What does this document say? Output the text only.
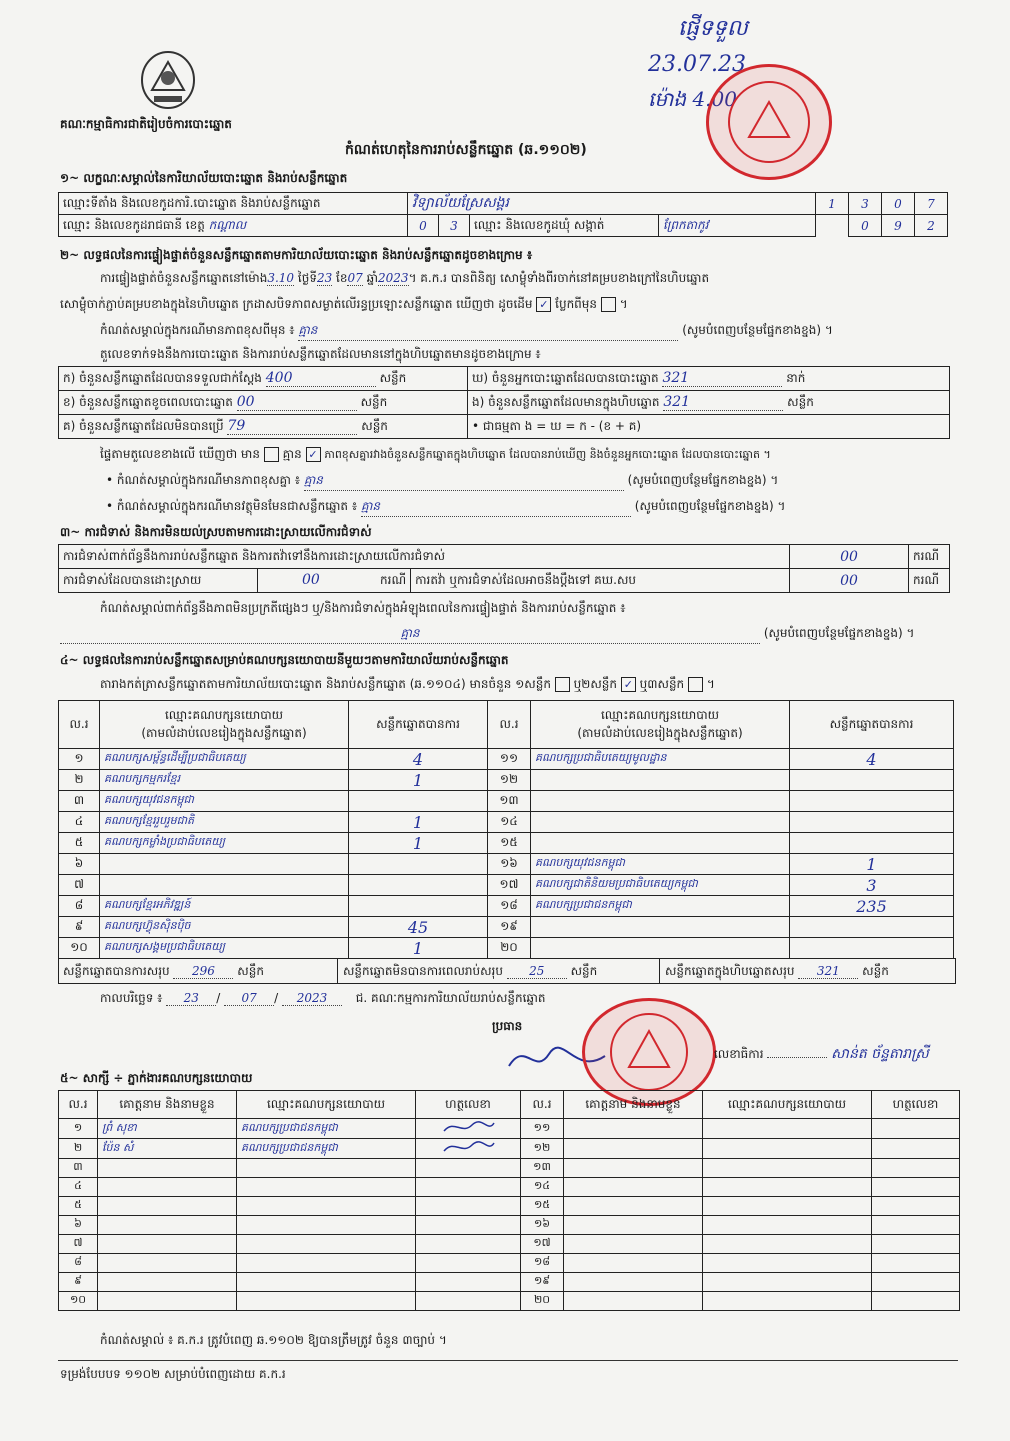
គណៈកម្មាធិការជាតិរៀបចំការបោះឆ្នោត
កំណត់ហេតុនៃការរាប់សន្លឹកឆ្នោត (ឆ.១១០២)
ផ្ញើទទួល
23.07.23
ម៉ោង 4.00
១~ លក្ខណៈសម្គាល់នៃការិយាល័យបោះឆ្នោត និងរាប់សន្លឹកឆ្នោត
ឈ្មោះទីតាំង និងលេខកូដការិ.បោះឆ្នោត និងរាប់សន្លឹកឆ្នោត	វិទ្យាល័យស្រែសង្គរ				1	3	0	7
ឈ្មោះ និងលេខកូដរាជធានី ខេត្ត កណ្ដាល	0	3	ឈ្មោះ និងលេខកូដឃុំ សង្កាត់	ព្រែកតាកូវ		0	9	2
២~ លទ្ធផលនៃការផ្ទៀងផ្ទាត់ចំនួនសន្លឹកឆ្នោតតាមការិយាល័យបោះឆ្នោត និងរាប់សន្លឹកឆ្នោតដូចខាងក្រោម ៖
ការផ្ទៀងផ្ទាត់ចំនួនសន្លឹកឆ្នោតនៅម៉ោង3.10 ថ្ងៃទី23 ខែ07 ឆ្នាំ2023។ គ.ក.រ បានពិនិត្យ សោម៉្លុំទាំងពីរចាក់នៅគម្របខាងក្រៅនៃហិបឆ្នោត
សោម៉្លុំចាក់ភ្ជាប់គម្របខាងក្នុងនៃហិបឆ្នោត ក្រដាសបិទភាពសម្ងាត់លើរន្ធប្រឡោះសន្លឹកឆ្នោត ឃើញថា ដូចដើម ✓ ប្លែកពីមុន  ។
កំណត់សម្គាល់ក្នុងករណីមានភាពខុសពីមុន ៖ គ្មាន	(សូមបំពេញបន្ថែមផ្នែកខាងខ្នង) ។
តួលេខទាក់ទងនឹងការបោះឆ្នោត និងការរាប់សន្លឹកឆ្នោតដែលមាននៅក្នុងហិបឆ្នោតមានដូចខាងក្រោម ៖
ក) ចំនួនសន្លឹកឆ្នោតដែលបានទទួលជាក់ស្ដែង 400 សន្លឹក	ឃ) ចំនួនអ្នកបោះឆ្នោតដែលបានបោះឆ្នោត 321 នាក់
ខ) ចំនួនសន្លឹកឆ្នោតខូចពេលបោះឆ្នោត 00 សន្លឹក	ង) ចំនួនសន្លឹកឆ្នោតដែលមានក្នុងហិបឆ្នោត 321 សន្លឹក
គ) ចំនួនសន្លឹកឆ្នោតដែលមិនបានប្រើ 79 សន្លឹក	• ជាធម្មតា ង = ឃ = ក - (ខ + គ)
ផ្ទៃតាមតួលេខខាងលើ ឃើញថា មាន គ្មាន ✓ ភាពខុសគ្នារវាងចំនួនសន្លឹកឆ្នោតក្នុងហិបឆ្នោត ដែលបានរាប់ឃើញ និងចំនួនអ្នកបោះឆ្នោត ដែលបានបោះឆ្នោត ។
• កំណត់សម្គាល់ក្នុងករណីមានភាពខុសគ្នា ៖ គ្មាន	(សូមបំពេញបន្ថែមផ្នែកខាងខ្នង) ។
• កំណត់សម្គាល់ក្នុងករណីមានវត្ថុមិនមែនជាសន្លឹកឆ្នោត ៖ គ្មាន	(សូមបំពេញបន្ថែមផ្នែកខាងខ្នង) ។
៣~ ការជំទាស់ និងការមិនយល់ស្របតាមការដោះស្រាយលើការជំទាស់
ការជំទាស់ពាក់ព័ន្ធនឹងការរាប់សន្លឹកឆ្នោត និងការតវ៉ាទៅនឹងការដោះស្រាយលើការជំទាស់			00	ករណី
ការជំទាស់ដែលបានដោះស្រាយ	00 ករណី	ការតវ៉ា ឬការជំទាស់ដែលអាចនឹងប្ដឹងទៅ គឃ.សប	00	ករណី
កំណត់សម្គាល់ពាក់ព័ន្ធនឹងភាពមិនប្រក្រតីផ្សេងៗ ឬ/និងការជំទាស់ក្នុងអំឡុងពេលនៃការផ្ទៀងផ្ទាត់ និងការរាប់សន្លឹកឆ្នោត ៖
គ្មាន	(សូមបំពេញបន្ថែមផ្នែកខាងខ្នង) ។
៤~ លទ្ធផលនៃការរាប់សន្លឹកឆ្នោតសម្រាប់គណបក្សនយោបាយនីមួយៗតាមការិយាល័យរាប់សន្លឹកឆ្នោត
តារាងកត់ត្រាសន្លឹកឆ្នោតតាមការិយាល័យបោះឆ្នោត និងរាប់សន្លឹកឆ្នោត (ឆ.១១០៤) មានចំនួន ១សន្លឹក ឬ២សន្លឹក ✓ ឬ៣សន្លឹក  ។
ល.រ	ឈ្មោះគណបក្សនយោបាយ
(តាមលំដាប់លេខរៀងក្នុងសន្លឹកឆ្នោត)	សន្លឹកឆ្នោតបានការ	ល.រ	ឈ្មោះគណបក្សនយោបាយ
(តាមលំដាប់លេខរៀងក្នុងសន្លឹកឆ្នោត)	សន្លឹកឆ្នោតបានការ
១	គណបក្សសម្ព័ន្ធដើម្បីប្រជាធិបតេយ្យ	4	១១	គណបក្សប្រជាធិបតេយ្យមូលដ្ឋាន	4
២	គណបក្សកម្មករខ្មែរ	1	១២		
៣	គណបក្សយុវជនកម្ពុជា		១៣		
៤	គណបក្សខ្មែររួបរួមជាតិ	1	១៤		
៥	គណបក្សកម្លាំងប្រជាធិបតេយ្យ	1	១៥		
៦			១៦	គណបក្សយុវជនកម្ពុជា	1
៧			១៧	គណបក្សជាតិនិយមប្រជាធិបតេយ្យកម្ពុជា	3
៨	គណបក្សខ្មែរអភិវឌ្ឍន៍		១៨	គណបក្សប្រជាជនកម្ពុជា	235
៩	គណបក្សហ៊្វុនស៊ិនប៉ិច	45	១៩		
១០	គណបក្សសង្គមប្រជាធិបតេយ្យ	1	២០		
សន្លឹកឆ្នោតបានការសរុប 296 សន្លឹក	សន្លឹកឆ្នោតមិនបានការពេលរាប់សរុប 25 សន្លឹក	សន្លឹកឆ្នោតក្នុងហិបឆ្នោតសរុប 321 សន្លឹក
កាលបរិច្ឆេទ ៖ 23 / 07 / 2023 ជ. គណៈកម្មការការិយាល័យរាប់សន្លឹកឆ្នោត
ប្រធាន
លេខាធិការ	សាន់ត ច័ន្ទតារាស្រី
៥~ សាក្សី ÷ ភ្នាក់ងារគណបក្សនយោបាយ
ល.រ	គោត្តនាម និងនាមខ្លួន	ឈ្មោះគណបក្សនយោបាយ	ហត្ថលេខា	ល.រ	គោត្តនាម និងនាមខ្លួន	ឈ្មោះគណបក្សនយោបាយ	ហត្ថលេខា
១	ព្រំ សុខា	គណបក្សប្រជាជនកម្ពុជា		១១			
២	ប៉ែន សំ	គណបក្សប្រជាជនកម្ពុជា		១២			
៣				១៣			
៤				១៤			
៥				១៥			
៦				១៦			
៧				១៧			
៨				១៨			
៩				១៩			
១០				២០			
កំណត់សម្គាល់ ៖ គ.ក.រ ត្រូវបំពេញ ឆ.១១០២ ឱ្យបានត្រឹមត្រូវ ចំនួន ៣ច្បាប់ ។
ទម្រង់បែបបទ ១១០២ សម្រាប់បំពេញដោយ គ.ក.រ
